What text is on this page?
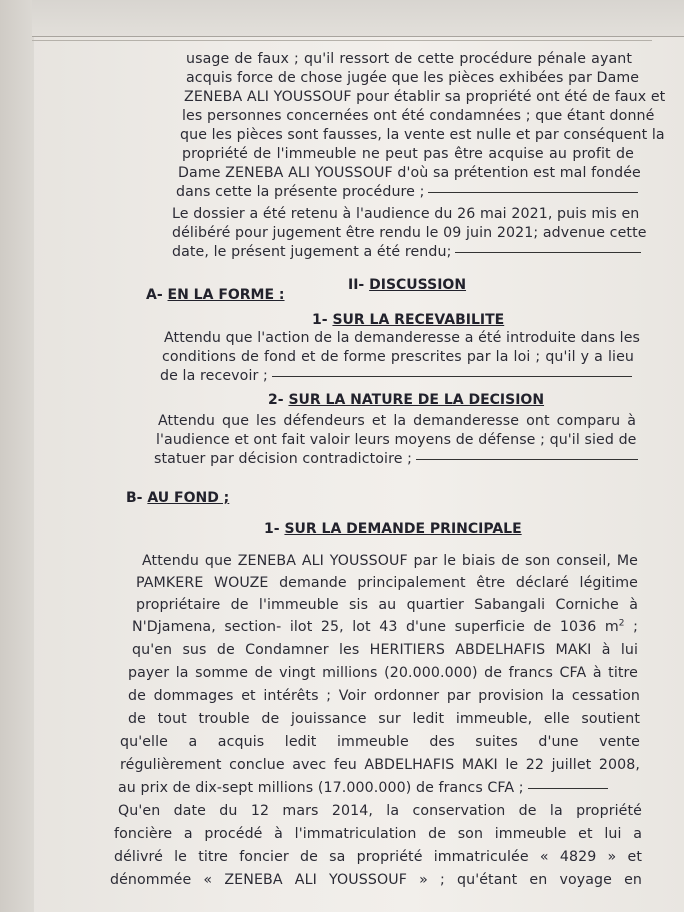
usage de faux ; qu'il ressort de cette procédure pénale ayant
acquis force de chose jugée que les pièces exhibées par Dame
ZENEBA ALI YOUSSOUF pour établir sa propriété ont été de faux et
les personnes concernées ont été condamnées ; que étant donné
que les pièces sont fausses, la vente est nulle et par conséquent la
propriété de l'immeuble ne peut pas être acquise au profit de
Dame ZENEBA ALI YOUSSOUF d'où sa prétention est mal fondée
dans cette la présente procédure ;
Le dossier a été retenu à l'audience du 26 mai 2021, puis mis en
délibéré pour jugement être rendu le 09 juin 2021; advenue cette
date, le présent jugement a été rendu;
II- DISCUSSION
A- EN LA FORME :
1- SUR LA RECEVABILITE
Attendu que l'action de la demanderesse a été introduite dans les
conditions de fond et de forme prescrites par la loi ; qu'il y a lieu
de la recevoir ;
2- SUR LA NATURE DE LA DECISION
Attendu que les défendeurs et la demanderesse ont comparu à
l'audience et ont fait valoir leurs moyens de défense ; qu'il sied de
statuer par décision contradictoire ;
B- AU FOND ;
1- SUR LA DEMANDE PRINCIPALE
Attendu que ZENEBA ALI YOUSSOUF par le biais de son conseil, Me
PAMKERE WOUZE demande principalement être déclaré légitime
propriétaire de l'immeuble sis au quartier Sabangali Corniche à
N'Djamena, section- ilot 25, lot 43 d'une superficie de 1036 $m^2$ ;
qu'en sus de Condamner les HERITIERS ABDELHAFIS MAKI à lui
payer la somme de vingt millions (20.000.000) de francs CFA à titre
de dommages et intérêts ; Voir ordonner par provision la cessation
de tout trouble de jouissance sur ledit immeuble, elle soutient
qu'elle a acquis ledit immeuble des suites d'une vente
régulièrement conclue avec feu ABDELHAFIS MAKI le 22 juillet 2008,
au prix de dix-sept millions (17.000.000) de francs CFA ;
Qu'en date du 12 mars 2014, la conservation de la propriété
foncière a procédé à l'immatriculation de son immeuble et lui a
délivré le titre foncier de sa propriété immatriculée « 4829 » et
dénommée « ZENEBA ALI YOUSSOUF » ; qu'étant en voyage en
